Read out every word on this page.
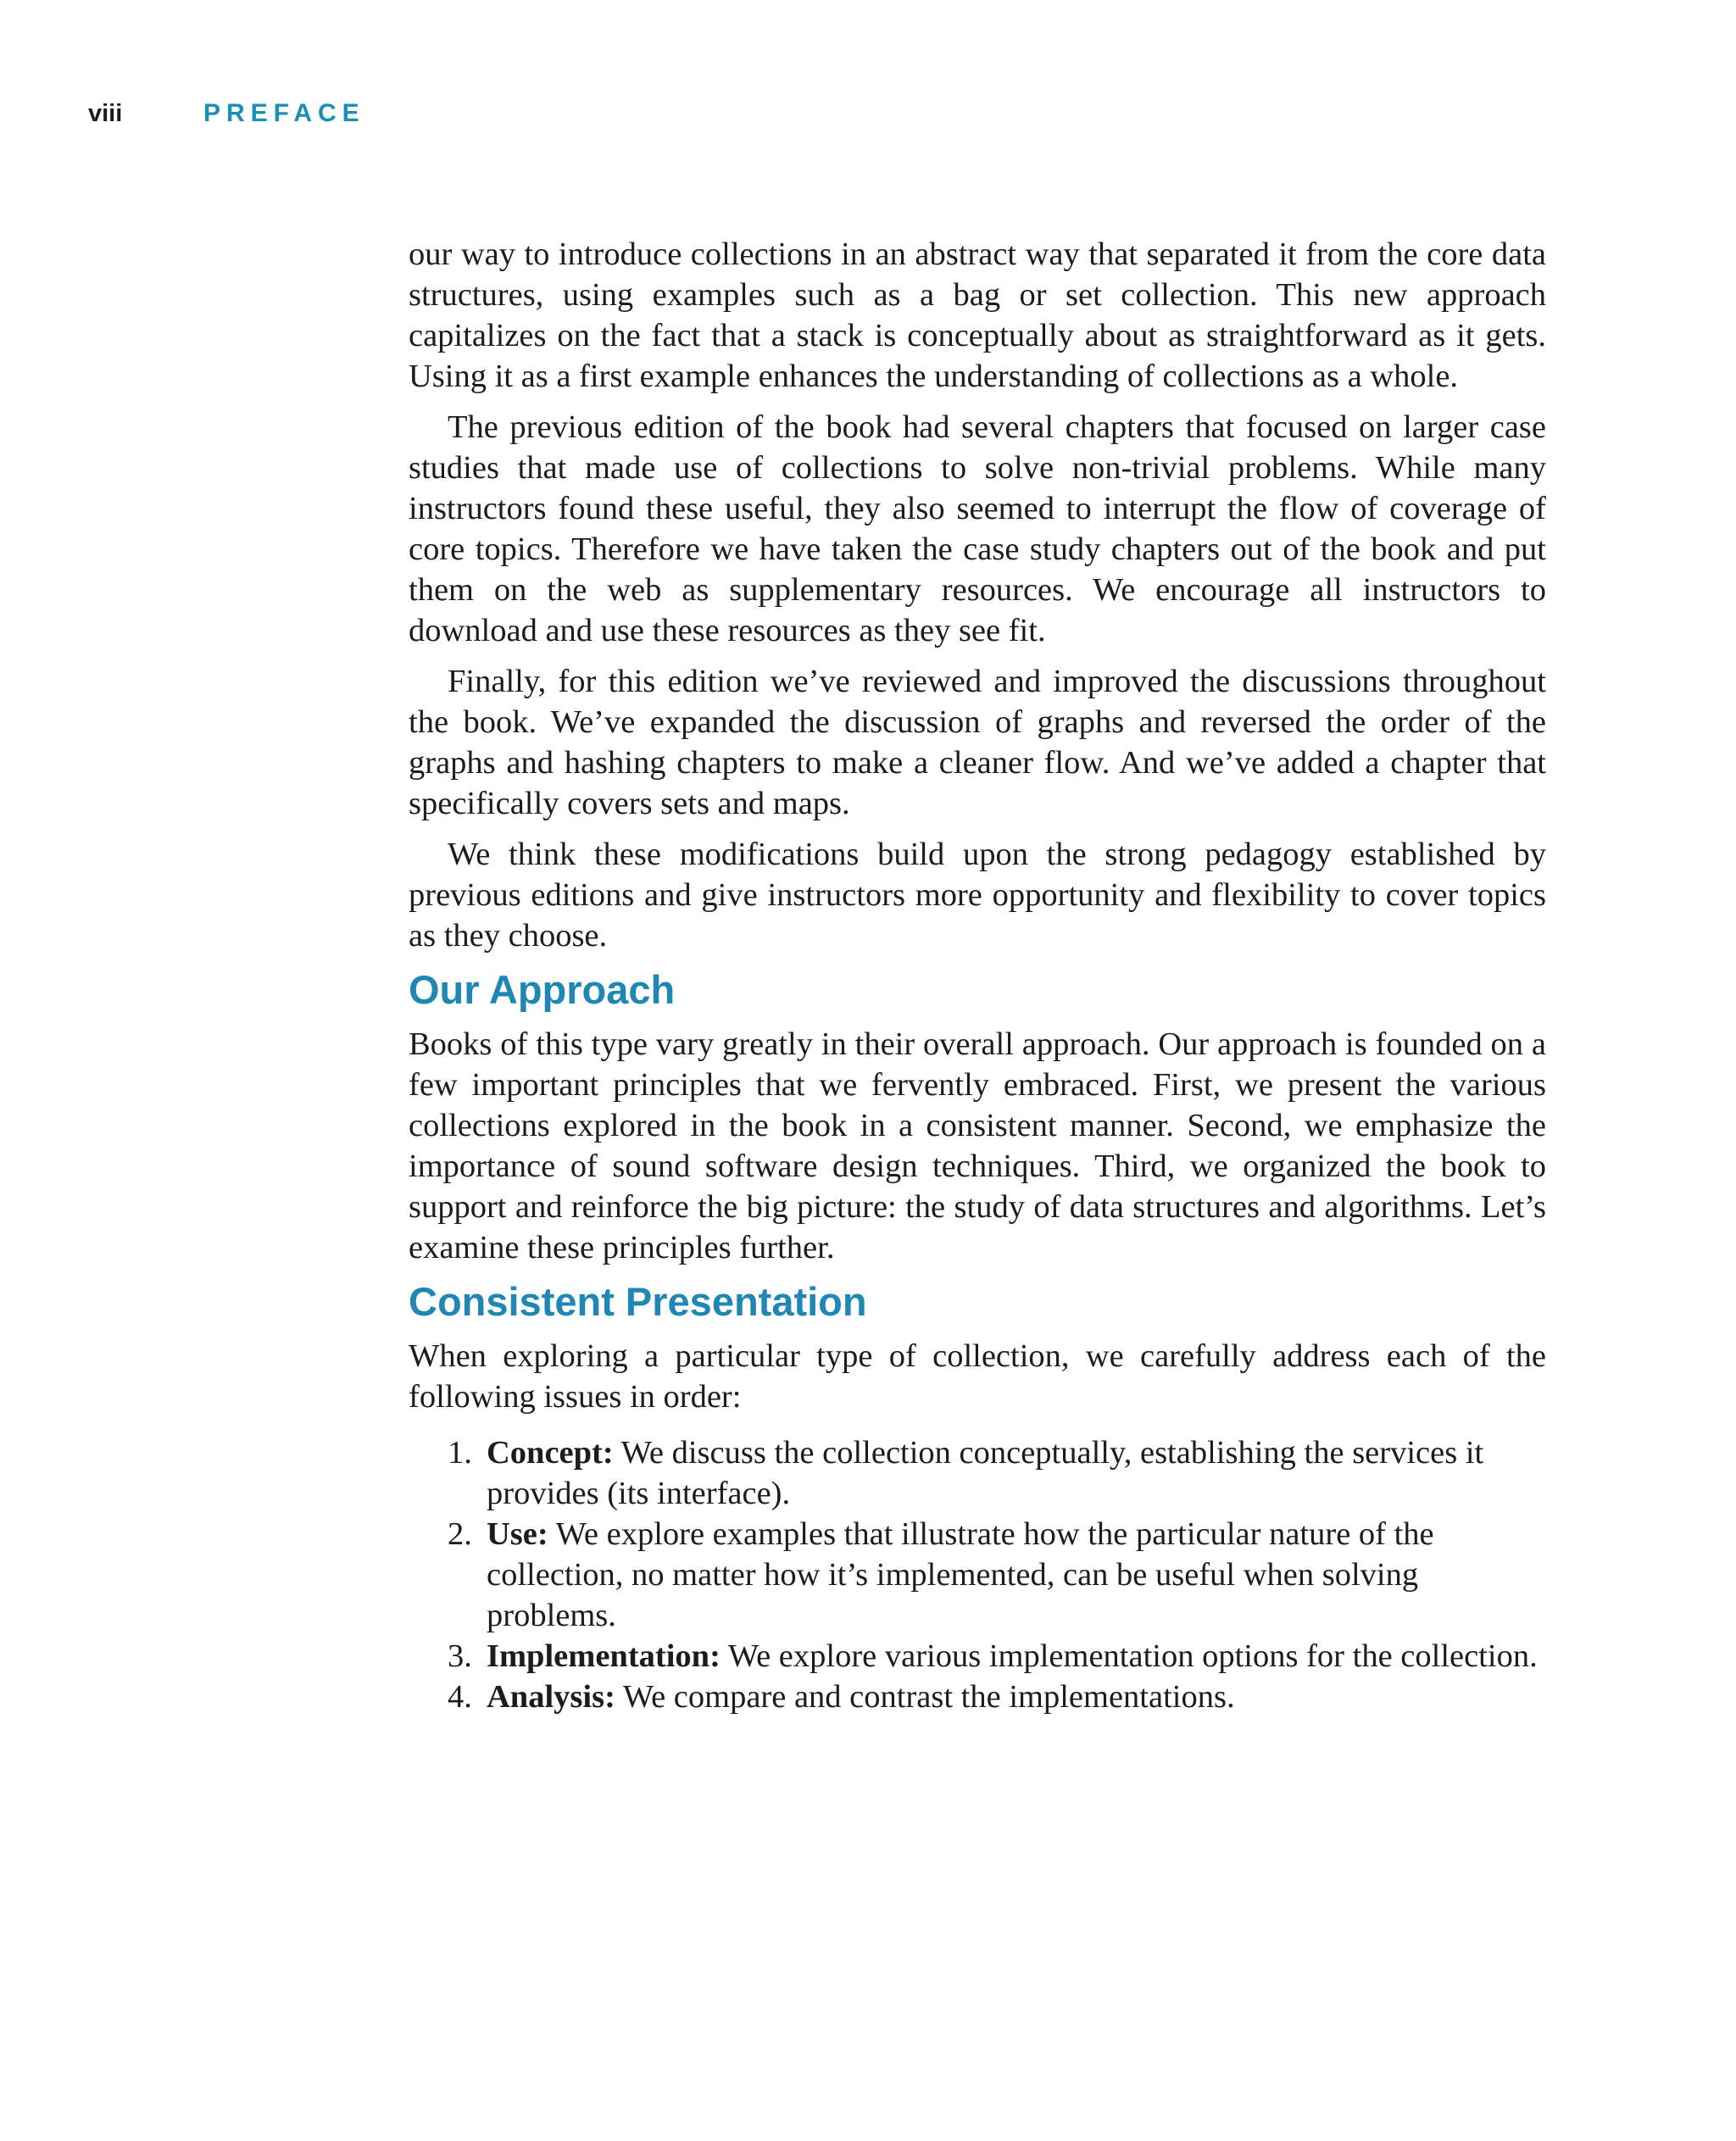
viii	PREFACE

our way to introduce collections in an abstract way that separated it from the core data structures, using examples such as a bag or set collection. This new approach capitalizes on the fact that a stack is conceptually about as straightforward as it gets. Using it as a first example enhances the understanding of collections as a whole.

The previous edition of the book had several chapters that focused on larger case studies that made use of collections to solve non-trivial problems. While many instructors found these useful, they also seemed to interrupt the flow of coverage of core topics. Therefore we have taken the case study chapters out of the book and put them on the web as supplementary resources. We encourage all instructors to download and use these resources as they see fit.

Finally, for this edition we’ve reviewed and improved the discussions throughout the book. We’ve expanded the discussion of graphs and reversed the order of the graphs and hashing chapters to make a cleaner flow. And we’ve added a chapter that specifically covers sets and maps.

We think these modifications build upon the strong pedagogy established by previous editions and give instructors more opportunity and flexibility to cover topics as they choose.

Our Approach

Books of this type vary greatly in their overall approach. Our approach is founded on a few important principles that we fervently embraced. First, we present the various collections explored in the book in a consistent manner. Second, we emphasize the importance of sound software design techniques. Third, we organized the book to support and reinforce the big picture: the study of data structures and algorithms. Let’s examine these principles further.

Consistent Presentation

When exploring a particular type of collection, we carefully address each of the following issues in order:

1. Concept: We discuss the collection conceptually, establishing the services it provides (its interface).
2. Use: We explore examples that illustrate how the particular nature of the collection, no matter how it’s implemented, can be useful when solving problems.
3. Implementation: We explore various implementation options for the collection.
4. Analysis: We compare and contrast the implementations.
